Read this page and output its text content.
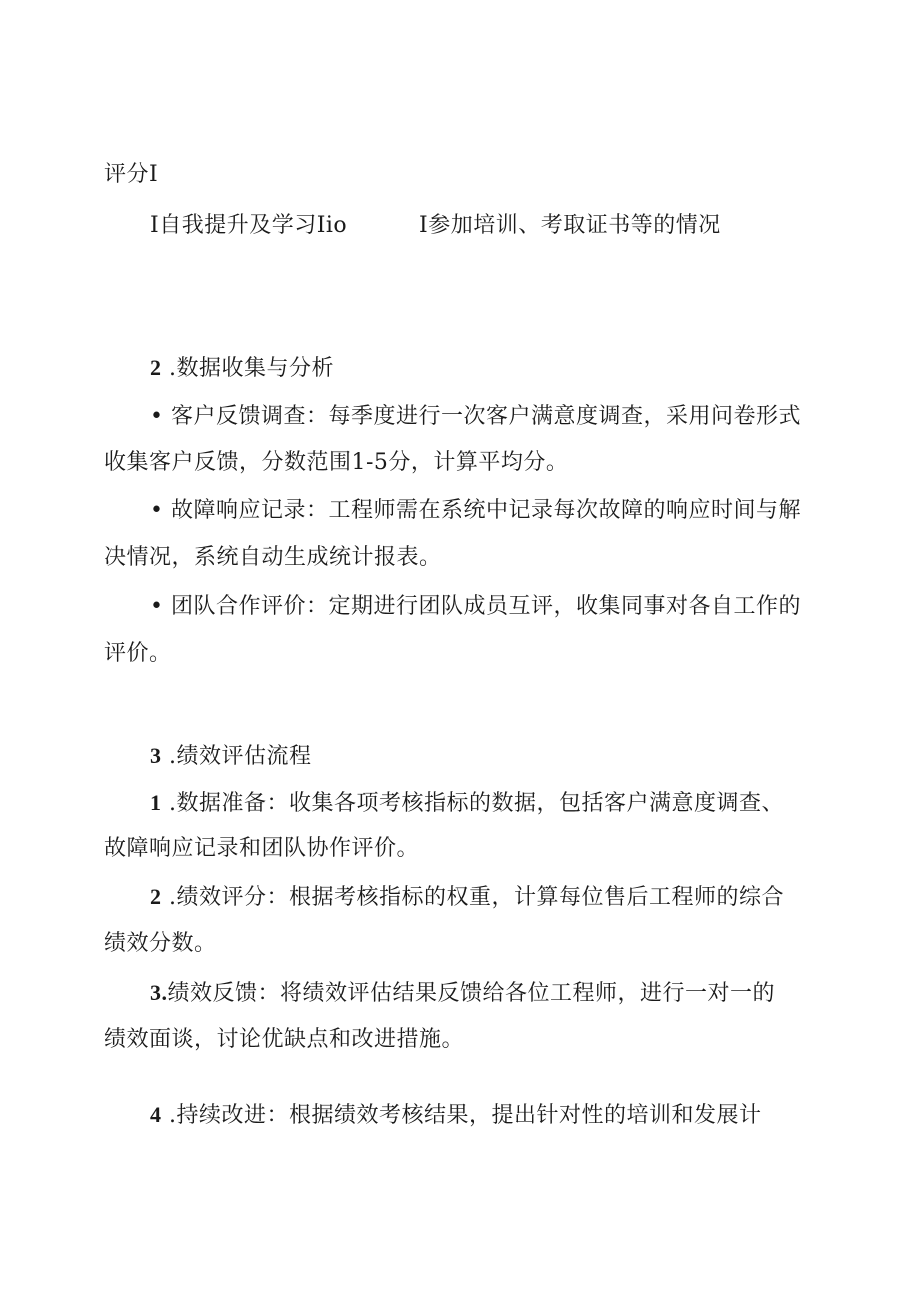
评分I
I自我提升及学习Iio	I参加培训、考取证书等的情况
2 .数据收集与分析
• 客户反馈调查：每季度进行一次客户满意度调查，采用问卷形式
收集客户反馈，分数范围1-5分，计算平均分。
• 故障响应记录：工程师需在系统中记录每次故障的响应时间与解
决情况，系统自动生成统计报表。
• 团队合作评价：定期进行团队成员互评，收集同事对各自工作的
评价。
3 .绩效评估流程
1 .数据准备：收集各项考核指标的数据，包括客户满意度调查、
故障响应记录和团队协作评价。
2 .绩效评分：根据考核指标的权重，计算每位售后工程师的综合
绩效分数。
3.绩效反馈：将绩效评估结果反馈给各位工程师，进行一对一的
绩效面谈，讨论优缺点和改进措施。
4 .持续改进：根据绩效考核结果，提出针对性的培训和发展计
